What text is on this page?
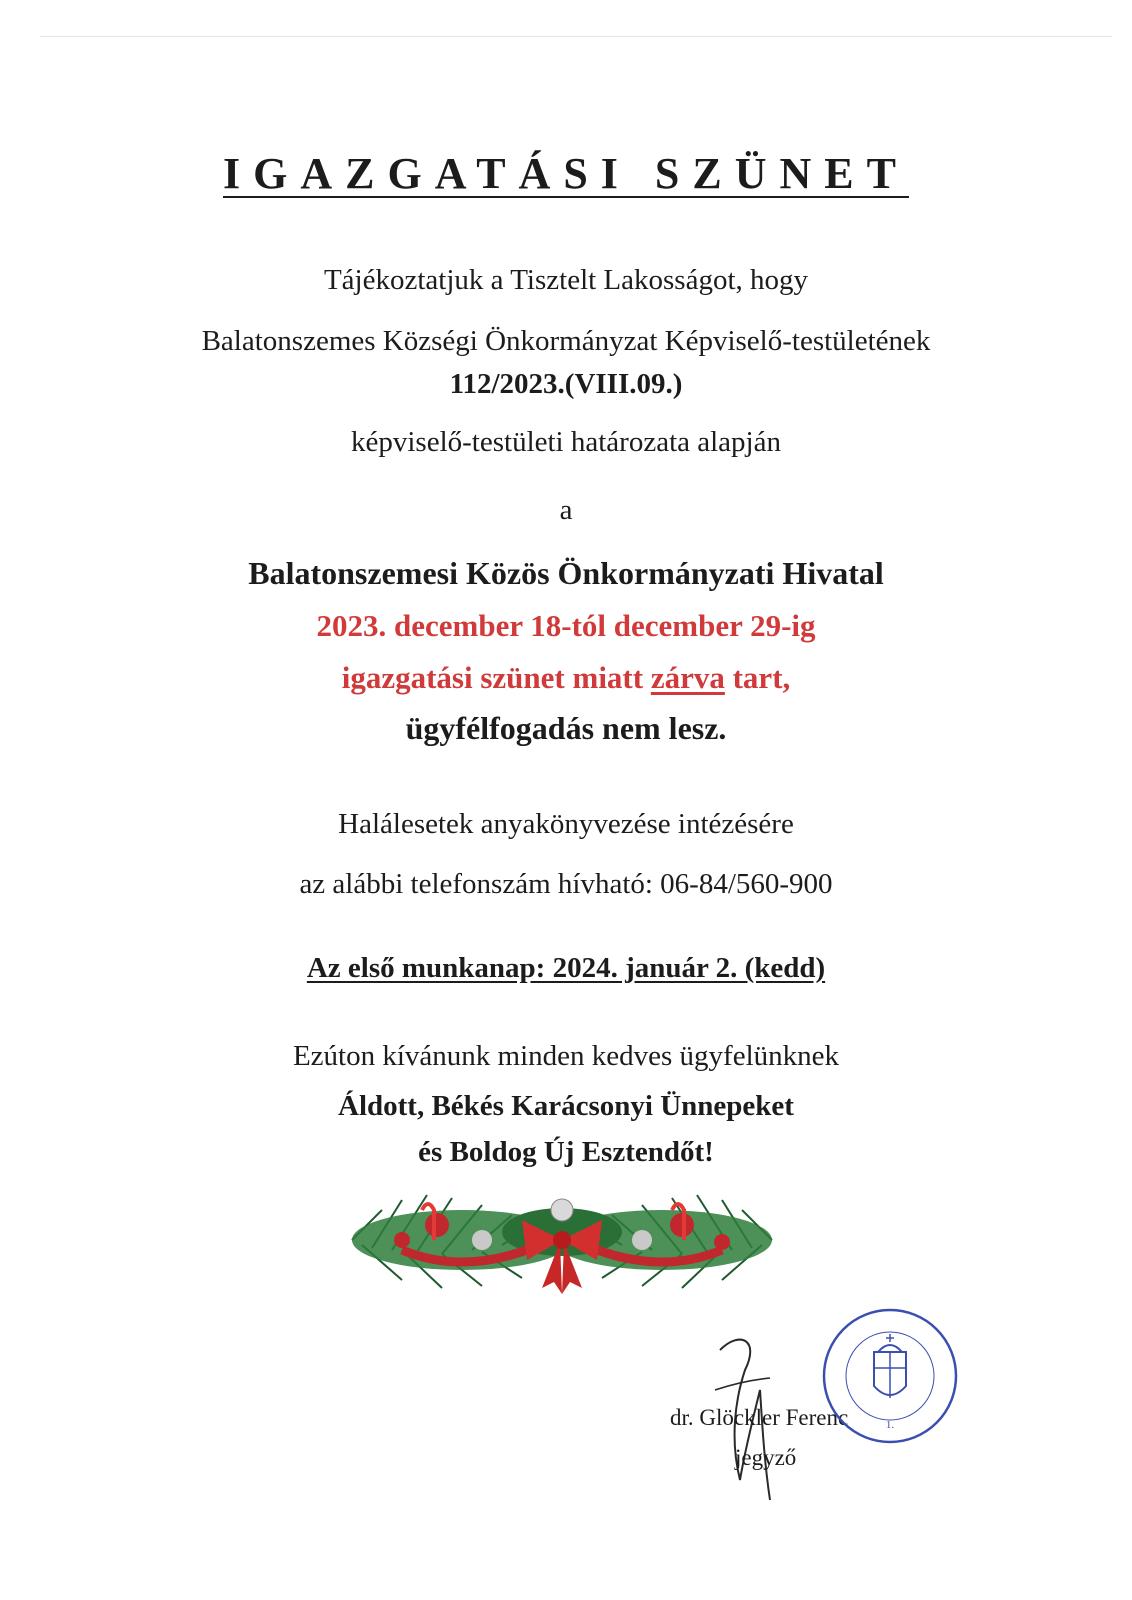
IGAZGATÁSI SZÜNET
Tájékoztatjuk a Tisztelt Lakosságot, hogy
Balatonszemes Községi Önkormányzat Képviselő-testületének
112/2023.(VIII.09.)
képviselő-testületi határozata alapján
a
Balatonszemesi Közös Önkormányzati Hivatal
2023. december 18-tól december 29-ig
igazgatási szünet miatt zárva tart,
ügyfélfogadás nem lesz.
Halálesetek anyakönyvezése intézésére
az alábbi telefonszám hívható: 06-84/560-900
Az első munkanap: 2024. január 2. (kedd)
Ezúton kívánunk minden kedves ügyfelünknek
Áldott, Békés Karácsonyi Ünnepeket
és Boldog Új Esztendőt!
dr. Glöckler Ferenc
jegyző
1.
